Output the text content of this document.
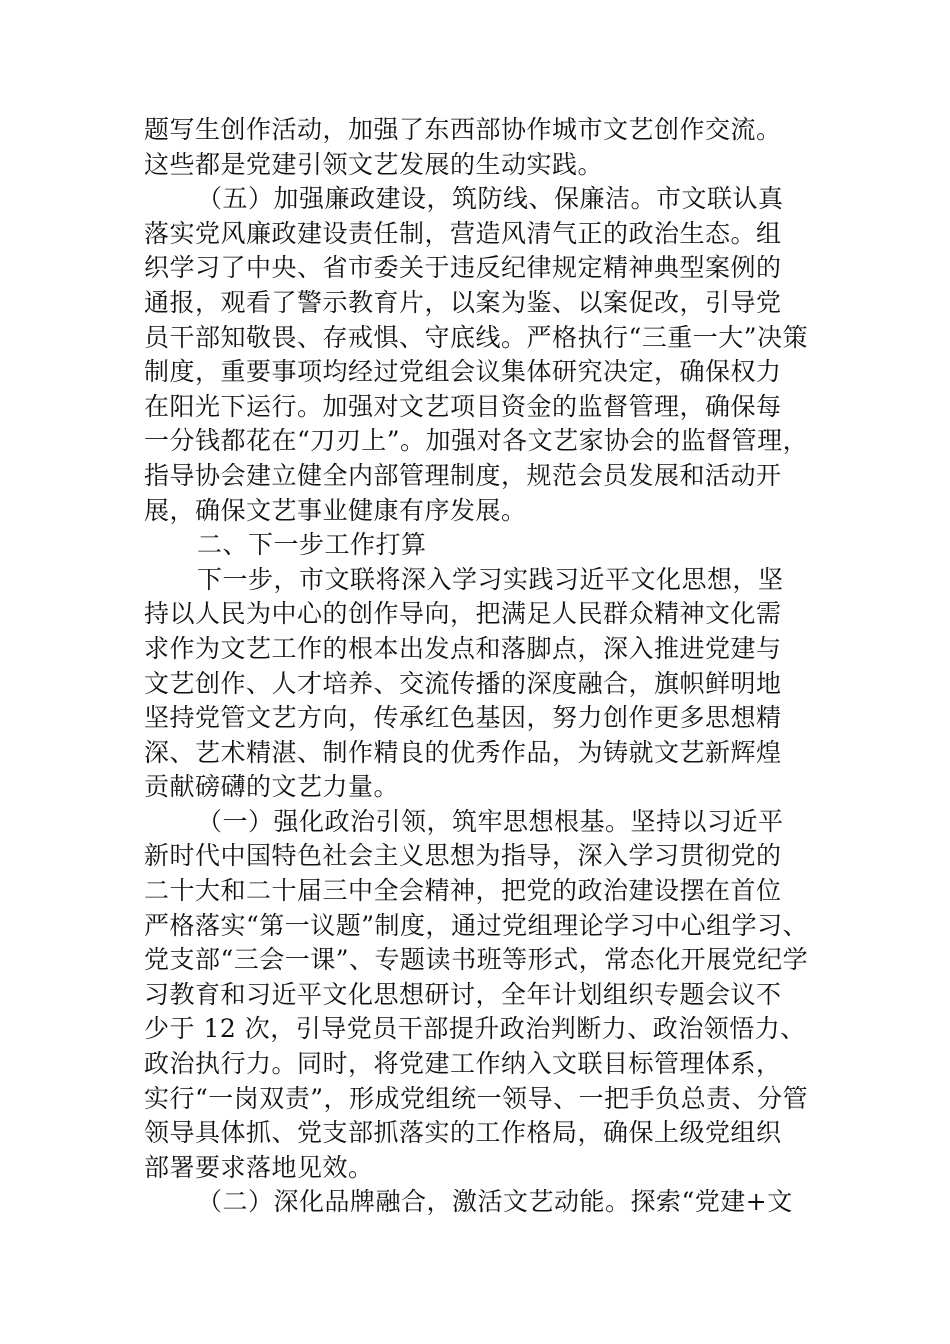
题写生创作活动，加强了东西部协作城市文艺创作交流。
这些都是党建引领文艺发展的生动实践。
（五）加强廉政建设，筑防线、保廉洁。市文联认真
落实党风廉政建设责任制，营造风清气正的政治生态。组
织学习了中央、省市委关于违反纪律规定精神典型案例的
通报，观看了警示教育片，以案为鉴、以案促改，引导党
员干部知敬畏、存戒惧、守底线。严格执行“三重一大”决策
制度，重要事项均经过党组会议集体研究决定，确保权力
在阳光下运行。加强对文艺项目资金的监督管理，确保每
一分钱都花在“刀刃上”。加强对各文艺家协会的监督管理，
指导协会建立健全内部管理制度，规范会员发展和活动开
展，确保文艺事业健康有序发展。
二、下一步工作打算
下一步，市文联将深入学习实践习近平文化思想，坚
持以人民为中心的创作导向，把满足人民群众精神文化需
求作为文艺工作的根本出发点和落脚点，深入推进党建与
文艺创作、人才培养、交流传播的深度融合，旗帜鲜明地
坚持党管文艺方向，传承红色基因，努力创作更多思想精
深、艺术精湛、制作精良的优秀作品，为铸就文艺新辉煌
贡献磅礴的文艺力量。
（一）强化政治引领，筑牢思想根基。坚持以习近平
新时代中国特色社会主义思想为指导，深入学习贯彻党的
二十大和二十届三中全会精神，把党的政治建设摆在首位
严格落实“第一议题”制度，通过党组理论学习中心组学习、
党支部“三会一课”、专题读书班等形式，常态化开展党纪学
习教育和习近平文化思想研讨，全年计划组织专题会议不
少于 12 次，引导党员干部提升政治判断力、政治领悟力、
政治执行力。同时，将党建工作纳入文联目标管理体系，
实行“一岗双责”，形成党组统一领导、一把手负总责、分管
领导具体抓、党支部抓落实的工作格局，确保上级党组织
部署要求落地见效。
（二）深化品牌融合，激活文艺动能。探索“党建+文
